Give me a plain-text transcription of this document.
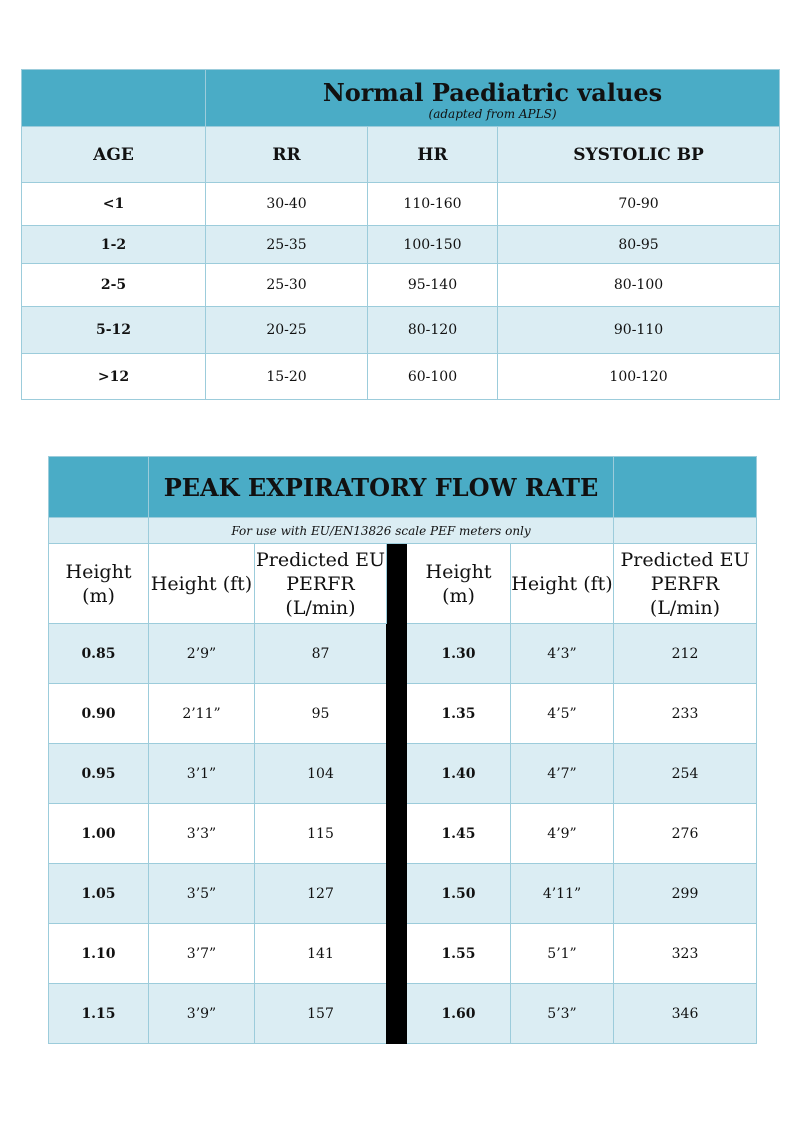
	Normal Paediatric values
(adapted from APLS)		

AGE	RR	HR	SYSTOLIC BP
<1	30-40	110-160	70-90
1-2	25-35	100-150	80-95
2-5	25-30	95-140	80-100
5-12	20-25	80-120	90-110
>12	15-20	60-100	100-120
	PEAK EXPIRATORY FLOW RATE					
	For use with EU/EN13826 scale PEF meters only					
Height (m)	Height (ft)	Predicted EU PERFR (L/min)		Height (m)	Height (ft)	Predicted EU PERFR (L/min)
0.85	2’9”	87		1.30	4’3”	212
0.90	2’11”	95		1.35	4’5”	233
0.95	3’1”	104		1.40	4’7”	254
1.00	3’3”	115		1.45	4’9”	276
1.05	3’5”	127		1.50	4’11”	299
1.10	3’7”	141		1.55	5’1”	323
1.15	3’9”	157		1.60	5’3”	346
